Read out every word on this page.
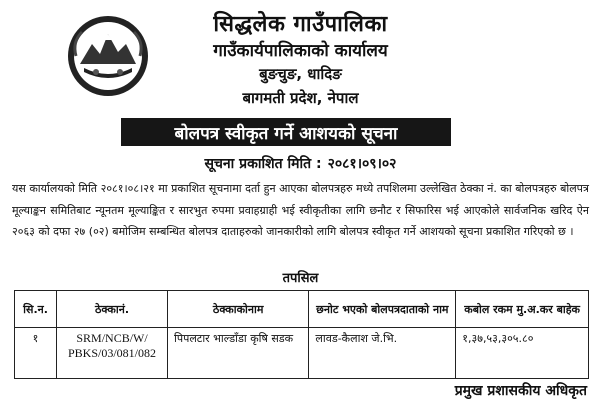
सिद्धलेक गाउँपालिका
गाउँकार्यपालिकाको कार्यालय
बुङचुङ, धादिङ
बागमती प्रदेश, नेपाल
बोलपत्र स्वीकृत गर्ने आशयको सूचना
सूचना प्रकाशित मिति : २०८१।०९।०२
यस कार्यालयको मिति २०८१।०८।२१ मा प्रकाशित सूचनामा दर्ता हुन आएका बोलपत्रहरु मध्ये तपशिलमा उल्लेखित ठेक्का नं. का बोलपत्रहरु बोलपत्र मूल्याङ्कन समितिबाट न्यूनतम मूल्याङ्कित र सारभुत रुपमा प्रवाहग्राही भई स्वीकृतीका लागि छनौट र सिफारिस भई आएकोले सार्वजनिक खरिद ऐन २०६३ को दफा २७ (०२) बमोजिम सम्बन्धित बोलपत्र दाताहरुको जानकारीको लागि बोलपत्र स्वीकृत गर्ने आशयको सूचना प्रकाशित गरिएको छ ।
तपसिल
सि.न.	ठेक्कानं.	ठेक्काकोनाम	छनोट भएको बोलपत्रदाताको नाम	कबोल रकम मु.अ.कर बाहेक
१	SRM/NCB/W/ PBKS/03/081/082	पिपलटार भाल्डाँडा कृषि सडक	लावड-कैलाश जे.भि.	१,३७,५३,३०५.८०
प्रमुख प्रशासकीय अधिकृत
